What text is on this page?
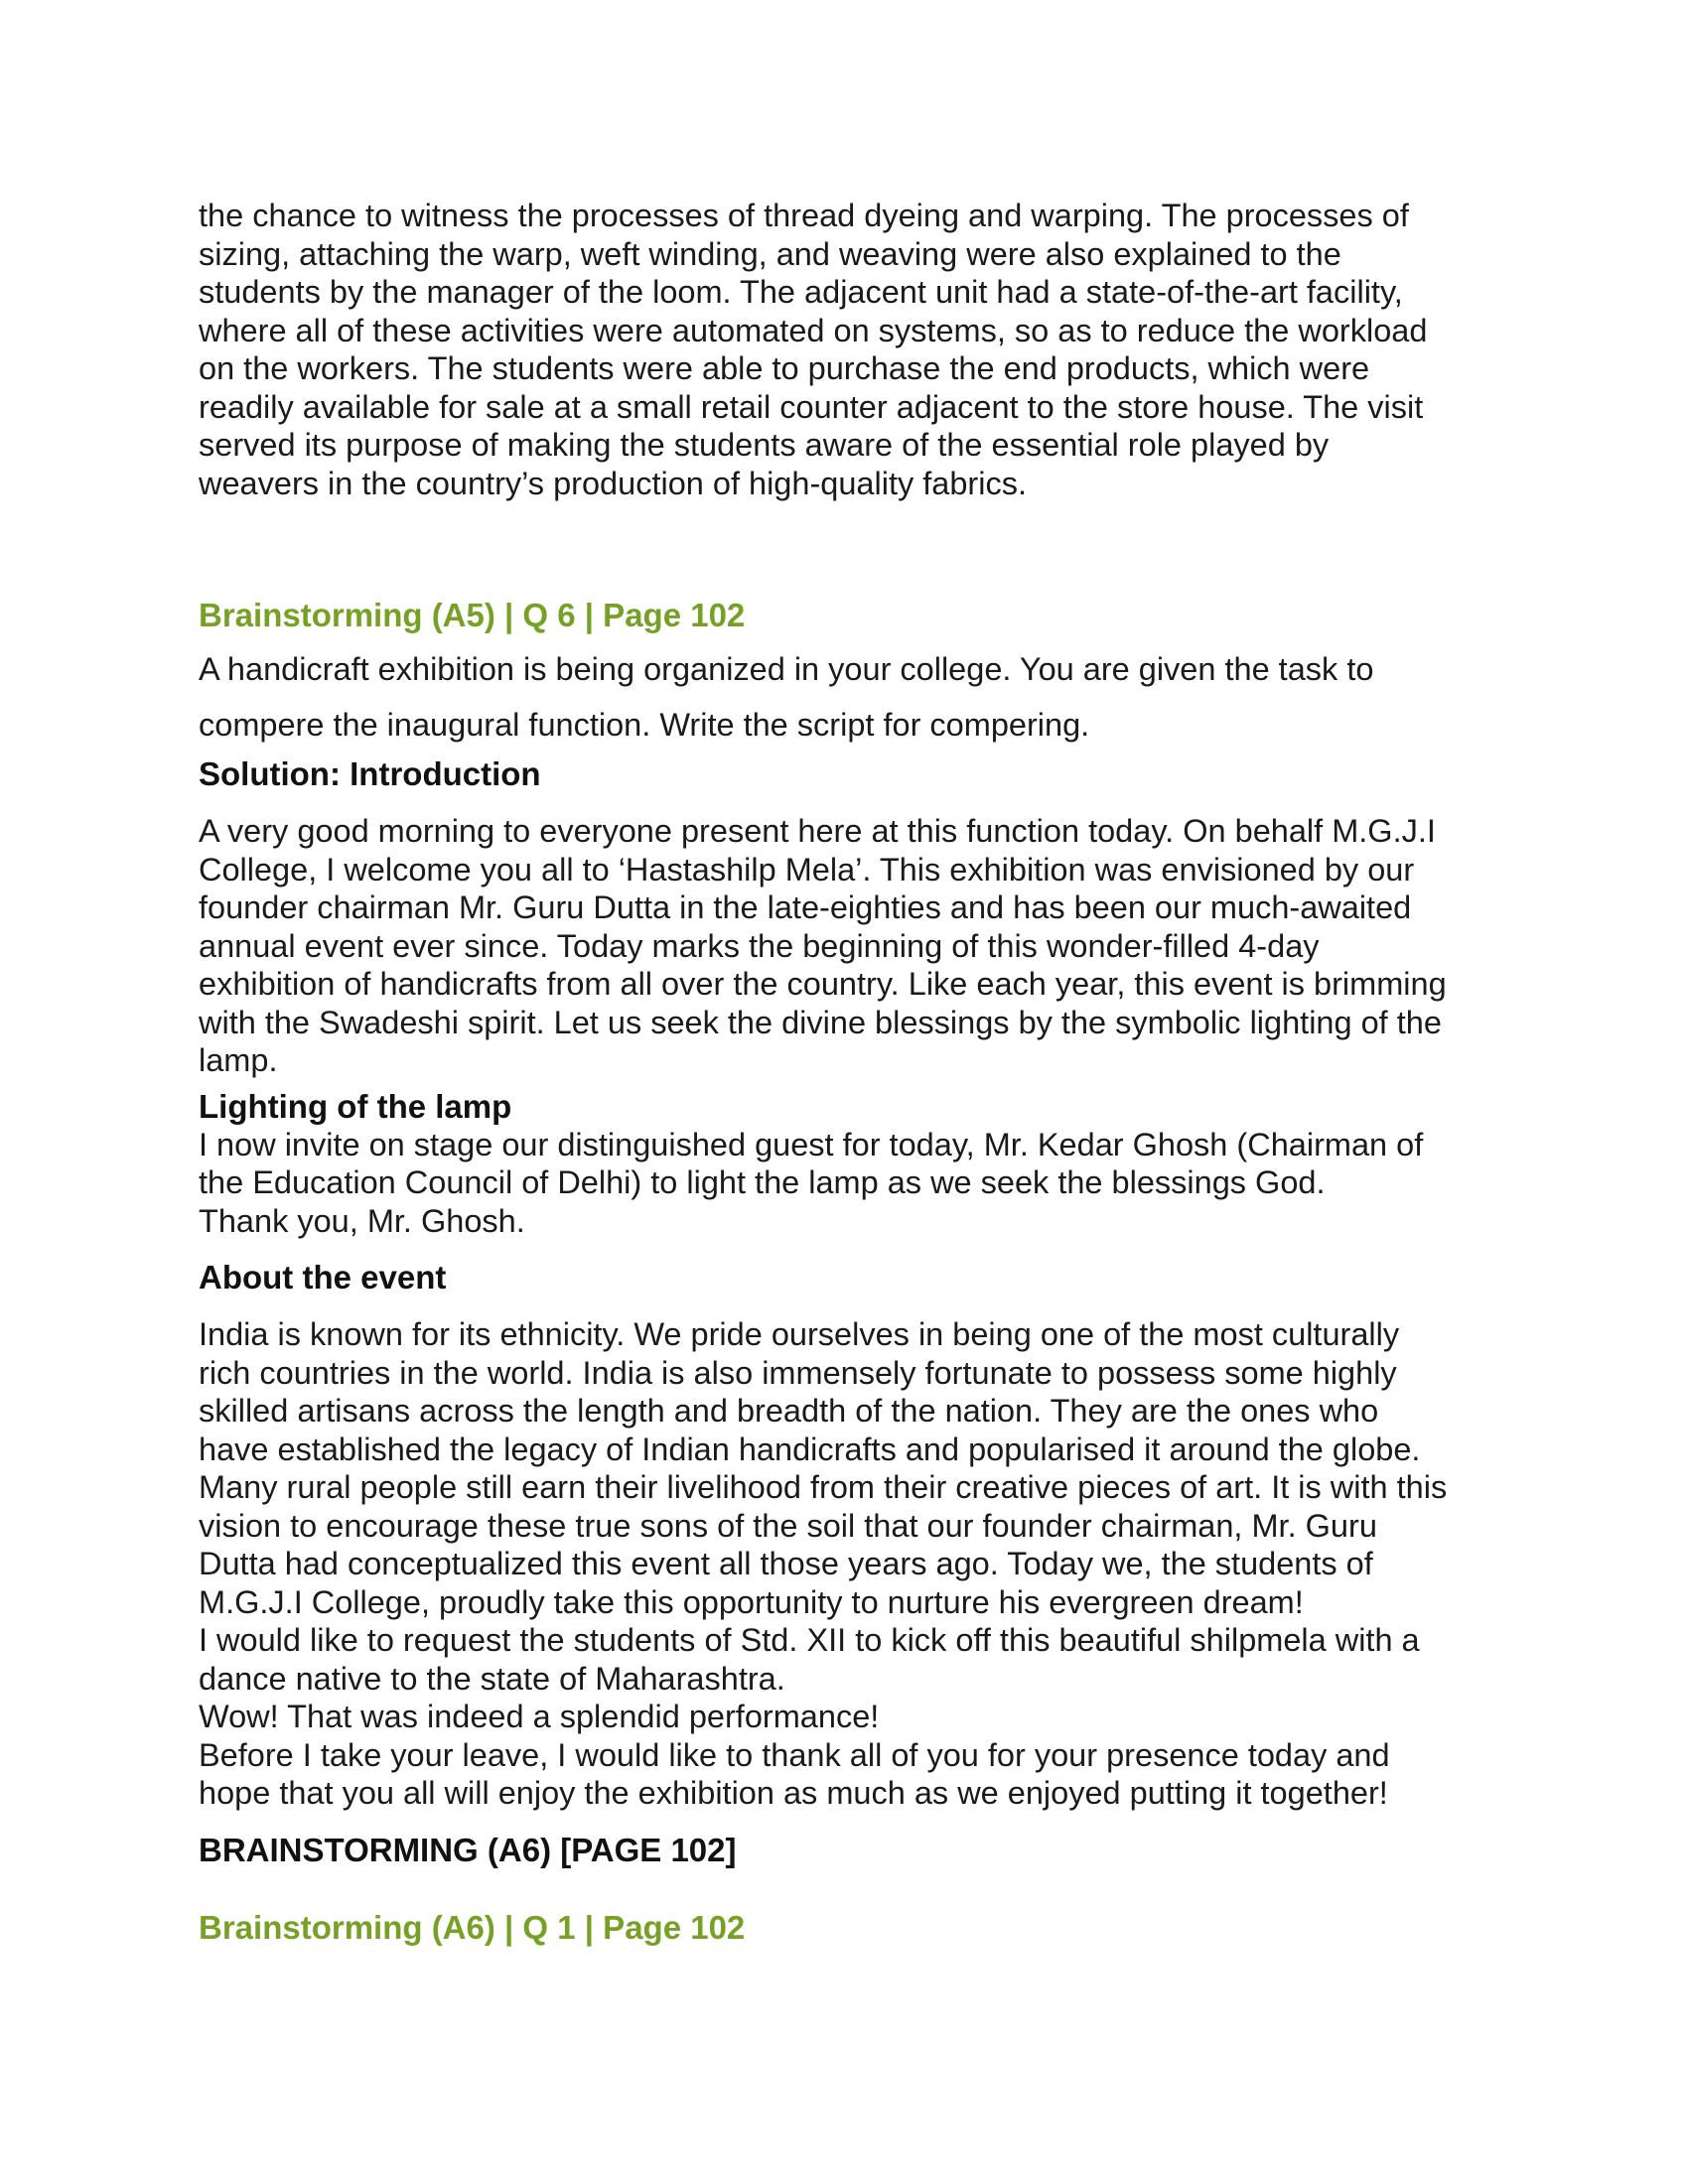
the chance to witness the processes of thread dyeing and warping. The processes of
sizing, attaching the warp, weft winding, and weaving were also explained to the
students by the manager of the loom. The adjacent unit had a state-of-the-art facility,
where all of these activities were automated on systems, so as to reduce the workload
on the workers. The students were able to purchase the end products, which were
readily available for sale at a small retail counter adjacent to the store house. The visit
served its purpose of making the students aware of the essential role played by
weavers in the country’s production of high-quality fabrics.

Brainstorming (A5) | Q 6 | Page 102

A handicraft exhibition is being organized in your college. You are given the task to
compere the inaugural function. Write the script for compering.

Solution: Introduction

A very good morning to everyone present here at this function today. On behalf M.G.J.I
College, I welcome you all to ‘Hastashilp Mela’. This exhibition was envisioned by our
founder chairman Mr. Guru Dutta in the late-eighties and has been our much-awaited
annual event ever since. Today marks the beginning of this wonder-filled 4-day
exhibition of handicrafts from all over the country. Like each year, this event is brimming
with the Swadeshi spirit. Let us seek the divine blessings by the symbolic lighting of the
lamp.

Lighting of the lamp

I now invite on stage our distinguished guest for today, Mr. Kedar Ghosh (Chairman of
the Education Council of Delhi) to light the lamp as we seek the blessings God.
Thank you, Mr. Ghosh.

About the event

India is known for its ethnicity. We pride ourselves in being one of the most culturally
rich countries in the world. India is also immensely fortunate to possess some highly
skilled artisans across the length and breadth of the nation. They are the ones who
have established the legacy of Indian handicrafts and popularised it around the globe.
Many rural people still earn their livelihood from their creative pieces of art. It is with this
vision to encourage these true sons of the soil that our founder chairman, Mr. Guru
Dutta had conceptualized this event all those years ago. Today we, the students of
M.G.J.I College, proudly take this opportunity to nurture his evergreen dream!
I would like to request the students of Std. XII to kick off this beautiful shilpmela with a
dance native to the state of Maharashtra.
Wow! That was indeed a splendid performance!
Before I take your leave, I would like to thank all of you for your presence today and
hope that you all will enjoy the exhibition as much as we enjoyed putting it together!

BRAINSTORMING (A6) [PAGE 102]
Brainstorming (A6) | Q 1 | Page 102
